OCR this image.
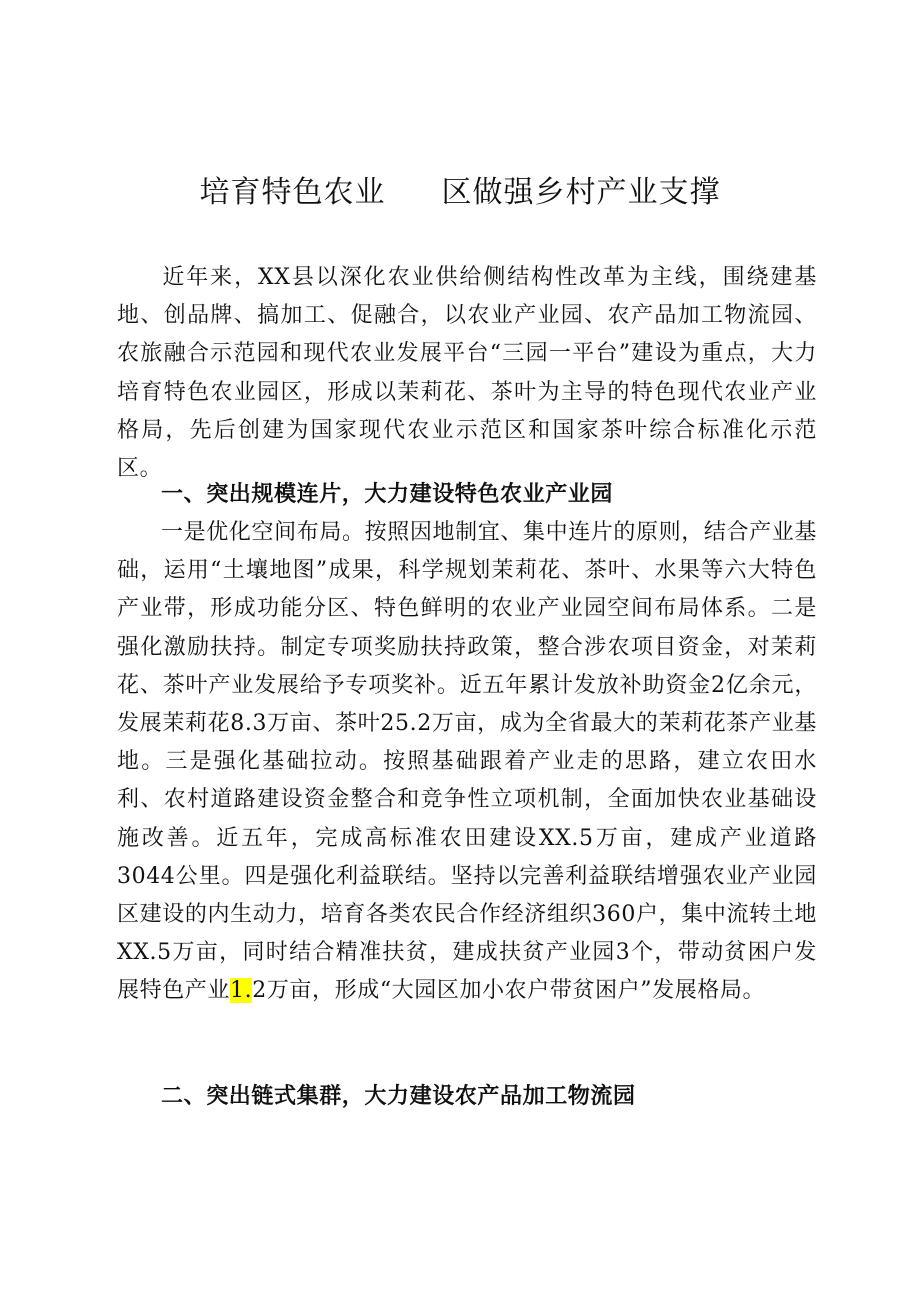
培育特色农业 区做强乡村产业支撑

近年来，XX县以深化农业供给侧结构性改革为主线，围绕建基地、创品牌、搞加工、促融合，以农业产业园、农产品加工物流园、农旅融合示范园和现代农业发展平台“三园一平台”建设为重点，大力培育特色农业园区，形成以茉莉花、茶叶为主导的特色现代农业产业格局，先后创建为国家现代农业示范区和国家茶叶综合标准化示范区。

一、突出规模连片，大力建设特色农业产业园

一是优化空间布局。按照因地制宜、集中连片的原则，结合产业基础，运用“土壤地图”成果，科学规划茉莉花、茶叶、水果等六大特色产业带，形成功能分区、特色鲜明的农业产业园空间布局体系。二是强化激励扶持。制定专项奖励扶持政策，整合涉农项目资金，对茉莉花、茶叶产业发展给予专项奖补。近五年累计发放补助资金2亿余元，发展茉莉花8.3万亩、茶叶25.2万亩，成为全省最大的茉莉花茶产业基地。三是强化基础拉动。按照基础跟着产业走的思路，建立农田水利、农村道路建设资金整合和竞争性立项机制，全面加快农业基础设施改善。近五年，完成高标准农田建设XX.5万亩，建成产业道路3044公里。四是强化利益联结。坚持以完善利益联结增强农业产业园区建设的内生动力，培育各类农民合作经济组织360户，集中流转土地XX.5万亩，同时结合精准扶贫，建成扶贫产业园3个，带动贫困户发展特色产业1.2万亩，形成“大园区加小农户带贫困户”发展格局。

二、突出链式集群，大力建设农产品加工物流园
